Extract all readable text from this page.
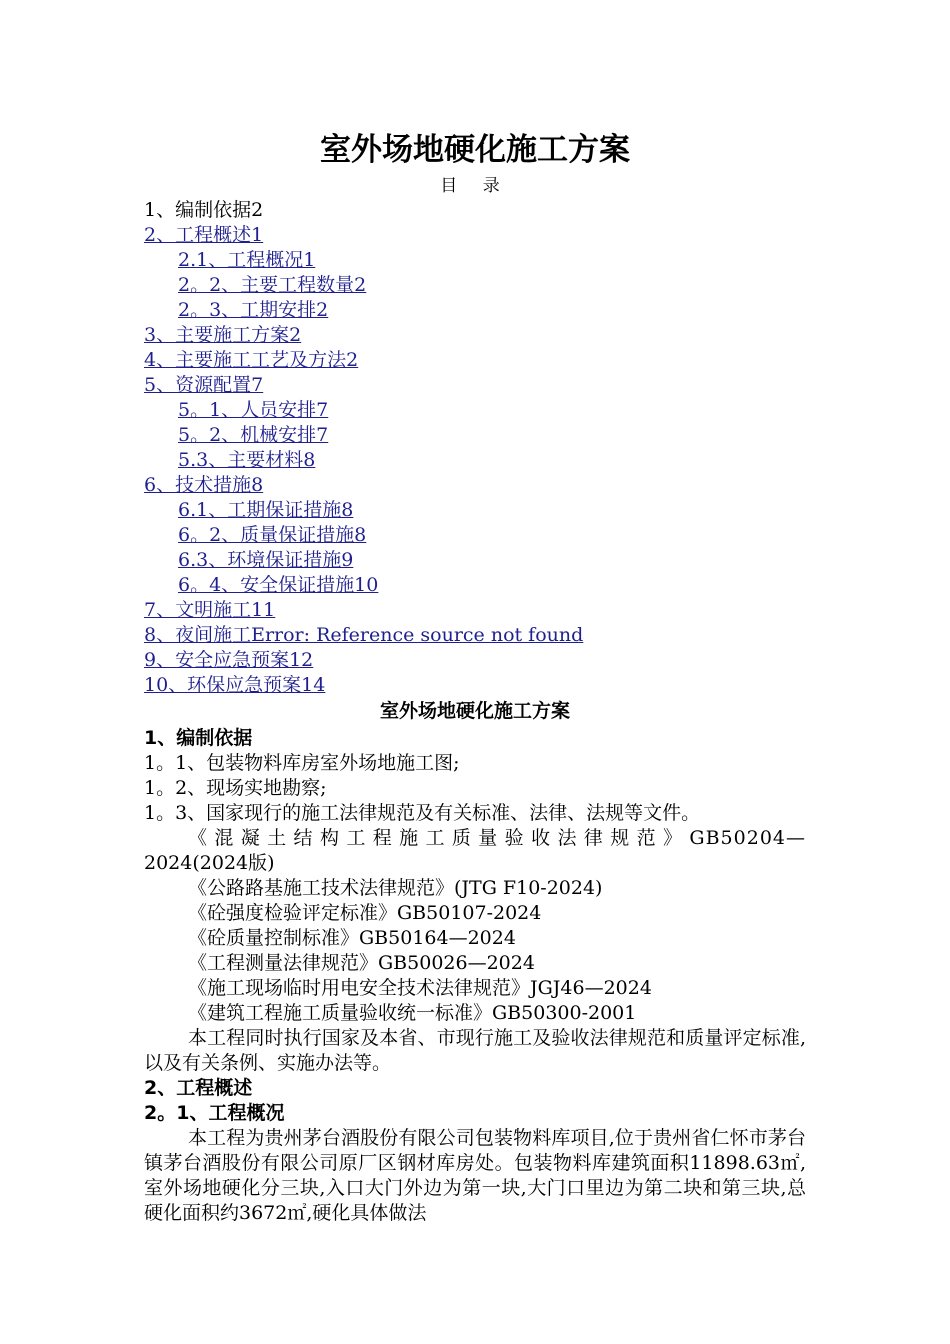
室外场地硬化施工方案
目 录
1、编制依据2
2、工程概述1
2.1、工程概况1
2。2、主要工程数量2
2。3、工期安排2
3、主要施工方案2
4、主要施工工艺及方法2
5、资源配置7
5。1、人员安排7
5。2、机械安排7
5.3、主要材料8
6、技术措施8
6.1、工期保证措施8
6。2、质量保证措施8
6.3、环境保证措施9
6。4、安全保证措施10
7、文明施工11
8、夜间施工Error: Reference source not found
9、安全应急预案12
10、环保应急预案14
室外场地硬化施工方案
1、编制依据

1。1、包装物料库房室外场地施工图;

1。2、现场实地勘察;

1。3、国家现行的施工法律规范及有关标准、法律、法规等文件。

《混凝土结构工程施工质量验收法律规范》GB50204—

2024(2024版)

《公路路基施工技术法律规范》(JTG F10-2024)

《砼强度检验评定标准》GB50107-2024

《砼质量控制标准》GB50164—2024

《工程测量法律规范》GB50026—2024

《施工现场临时用电安全技术法律规范》JGJ46—2024

《建筑工程施工质量验收统一标准》GB50300-2001

本工程同时执行国家及本省、市现行施工及验收法律规范和质量评定标准,以及有关条例、实施办法等。

2、工程概述
2。1、工程概况

本工程为贵州茅台酒股份有限公司包装物料库项目,位于贵州省仁怀市茅台镇茅台酒股份有限公司原厂区钢材库房处。包装物料库建筑面积11898.63㎡,室外场地硬化分三块,入口大门外边为第一块,大门口里边为第二块和第三块,总硬化面积约3672㎡,硬化具体做法
